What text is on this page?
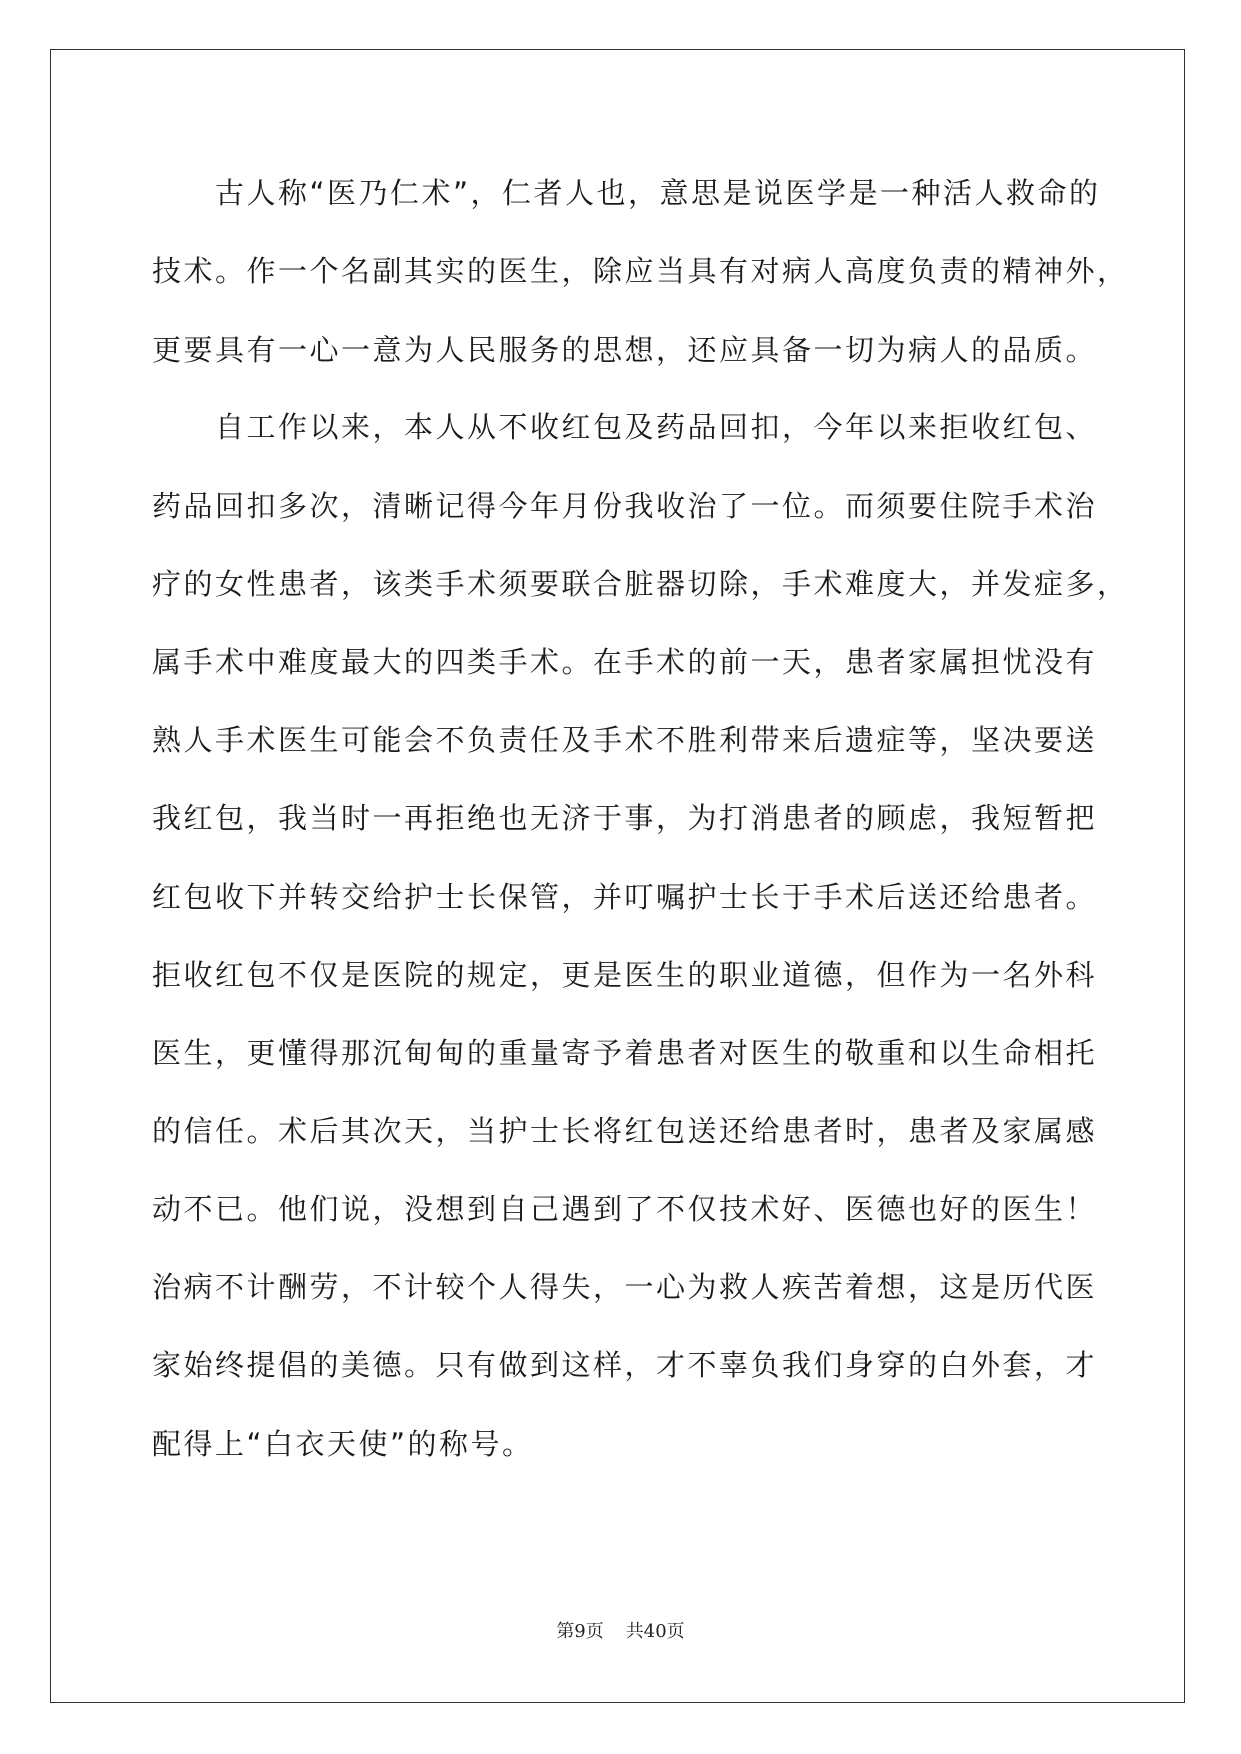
　　古人称“医乃仁术”，仁者人也，意思是说医学是一种活人救命的
技术。作一个名副其实的医生，除应当具有对病人高度负责的精神外，
更要具有一心一意为人民服务的思想，还应具备一切为病人的品质。
　　自工作以来，本人从不收红包及药品回扣，今年以来拒收红包、
药品回扣多次，清晰记得今年月份我收治了一位。而须要住院手术治
疗的女性患者，该类手术须要联合脏器切除，手术难度大，并发症多，
属手术中难度最大的四类手术。在手术的前一天，患者家属担忧没有
熟人手术医生可能会不负责任及手术不胜利带来后遗症等，坚决要送
我红包，我当时一再拒绝也无济于事，为打消患者的顾虑，我短暂把
红包收下并转交给护士长保管，并叮嘱护士长于手术后送还给患者。
拒收红包不仅是医院的规定，更是医生的职业道德，但作为一名外科
医生，更懂得那沉甸甸的重量寄予着患者对医生的敬重和以生命相托
的信任。术后其次天，当护士长将红包送还给患者时，患者及家属感
动不已。他们说，没想到自己遇到了不仅技术好、医德也好的医生！
治病不计酬劳，不计较个人得失，一心为救人疾苦着想，这是历代医
家始终提倡的美德。只有做到这样，才不辜负我们身穿的白外套，才
配得上“白衣天使”的称号。
第9页 共40页
